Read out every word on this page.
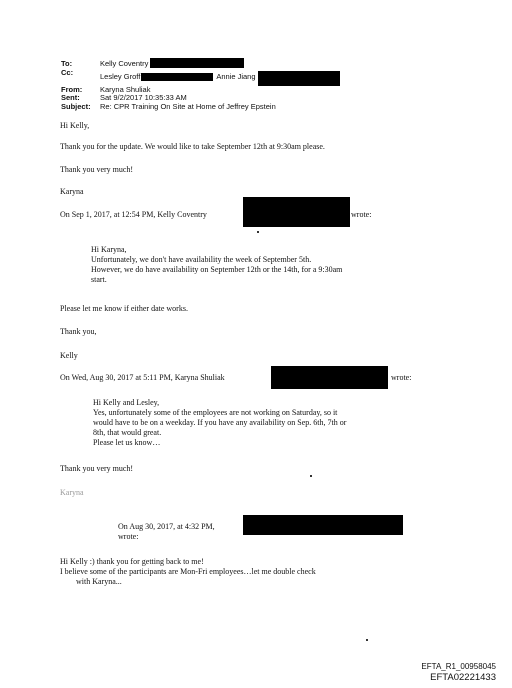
To:	Kelly Coventry
Cc:	Lesley Groff	Annie Jiang
From:	Karyna Shuliak
Sent:	Sat 9/2/2017 10:35:33 AM
Subject:	Re: CPR Training On Site at Home of Jeffrey Epstein
Hi Kelly,
Thank you for the update. We would like to take September 12th at 9:30am please.
Thank you very much!
Karyna
On Sep 1, 2017, at 12:54 PM, Kelly Coventry	wrote:
Hi Karyna,
Unfortunately, we don't have availability the week of September 5th.
However, we do have availability on September 12th or the 14th, for a 9:30am
start.
Please let me know if either date works.
Thank you,
Kelly
On Wed, Aug 30, 2017 at 5:11 PM, Karyna Shuliak	wrote:
Hi Kelly and Lesley,
Yes, unfortunately some of the employees are not working on Saturday, so it
would have to be on a weekday. If you have any availability on Sep. 6th, 7th or
8th, that would great.
Please let us know…
Thank you very much!
Karyna
On Aug 30, 2017, at 4:32 PM,
wrote:
Hi Kelly :) thank you for getting back to me!
I believe some of the participants are Mon-Fri employees…let me double check
with Karyna...
EFTA_R1_00958045
EFTA02221433
